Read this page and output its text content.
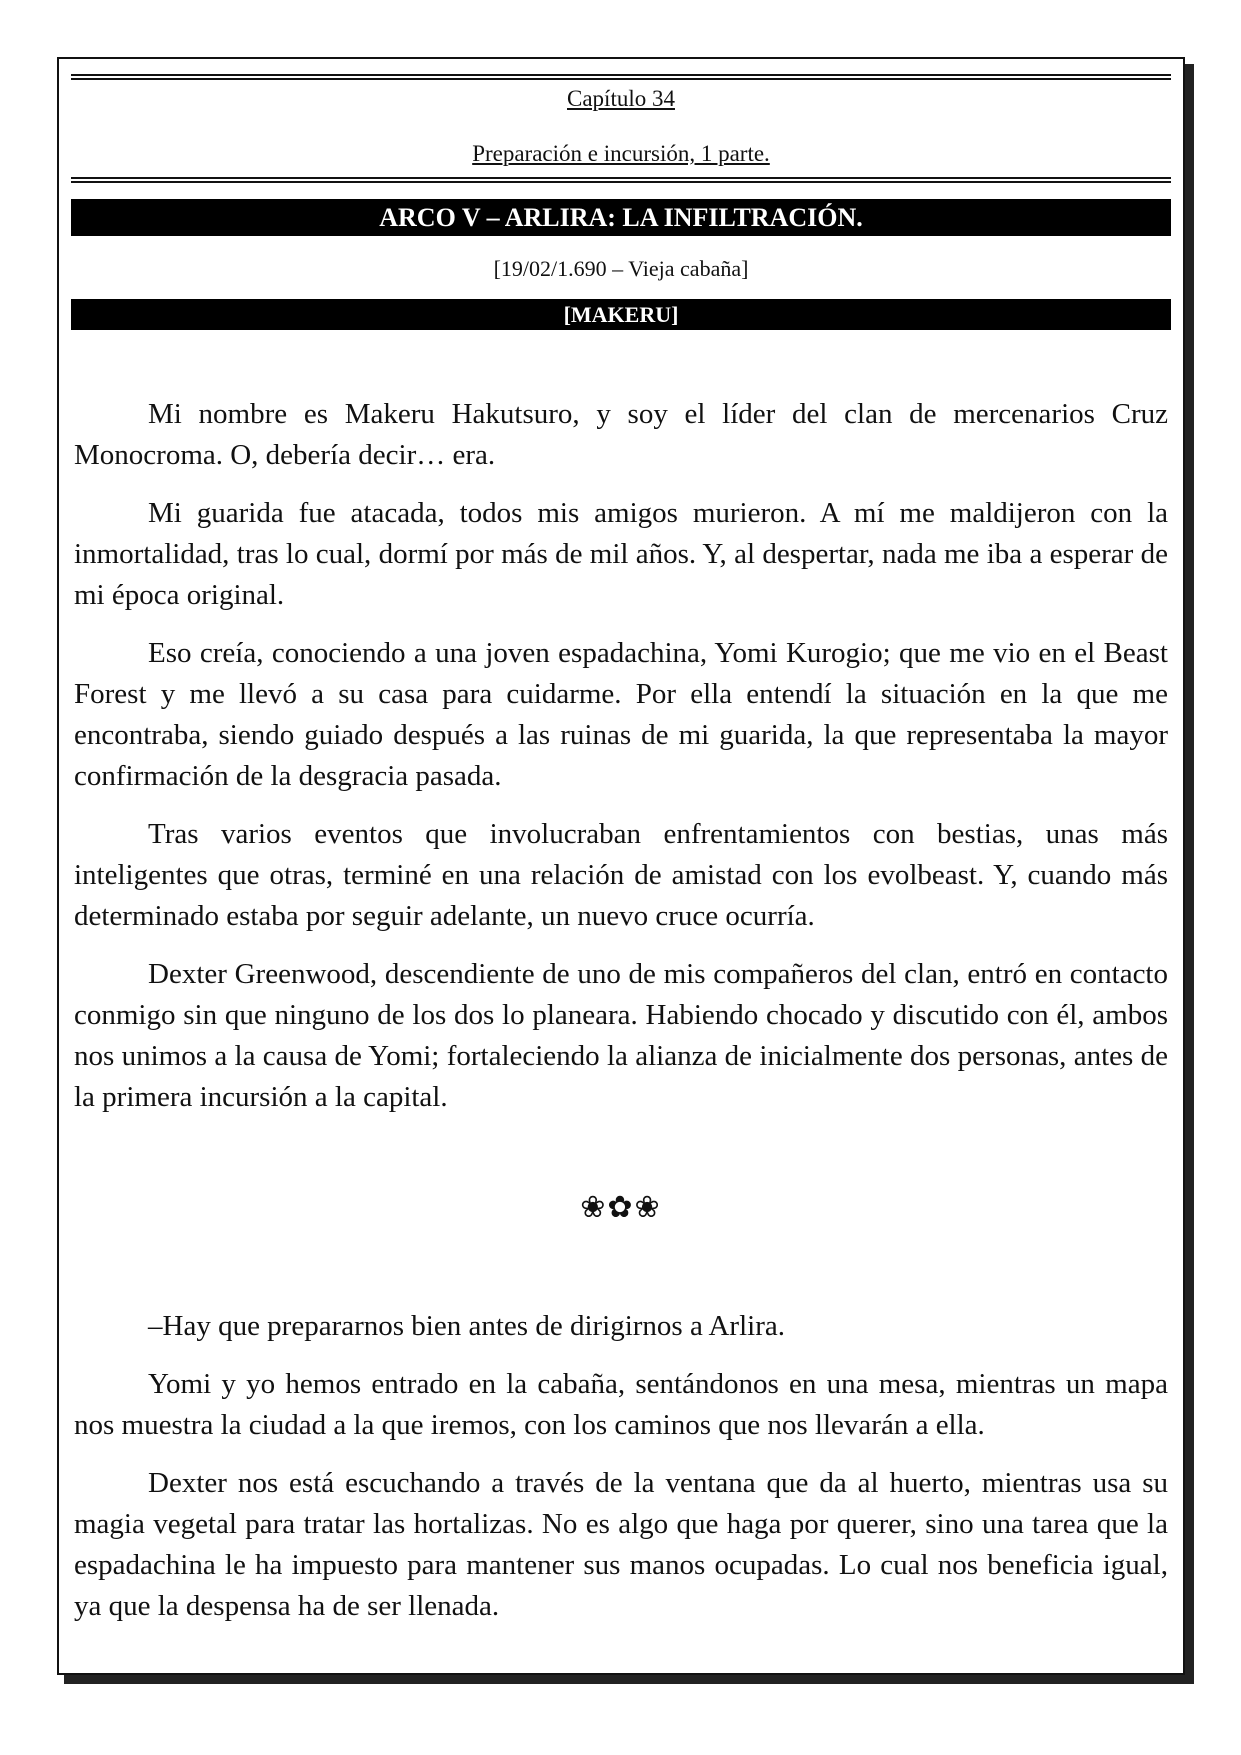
Capítulo 34
Preparación e incursión, 1 parte.
ARCO V – ARLIRA: LA INFILTRACIÓN.
[19/02/1.690 – Vieja cabaña]
[MAKERU]

Mi nombre es Makeru Hakutsuro, y soy el líder del clan de mercenarios Cruz Monocroma. O, debería decir… era.

Mi guarida fue atacada, todos mis amigos murieron. A mí me maldijeron con la inmortalidad, tras lo cual, dormí por más de mil años. Y, al despertar, nada me iba a esperar de mi época original.

Eso creía, conociendo a una joven espadachina, Yomi Kurogio; que me vio en el Beast Forest y me llevó a su casa para cuidarme. Por ella entendí la situación en la que me encontraba, siendo guiado después a las ruinas de mi guarida, la que representaba la mayor confirmación de la desgracia pasada.

Tras varios eventos que involucraban enfrentamientos con bestias, unas más inteligentes que otras, terminé en una relación de amistad con los evolbeast. Y, cuando más determinado estaba por seguir adelante, un nuevo cruce ocurría.

Dexter Greenwood, descendiente de uno de mis compañeros del clan, entró en contacto conmigo sin que ninguno de los dos lo planeara. Habiendo chocado y discutido con él, ambos nos unimos a la causa de Yomi; fortaleciendo la alianza de inicialmente dos personas, antes de la primera incursión a la capital.

❀✿❀

–Hay que prepararnos bien antes de dirigirnos a Arlira.

Yomi y yo hemos entrado en la cabaña, sentándonos en una mesa, mientras un mapa nos muestra la ciudad a la que iremos, con los caminos que nos llevarán a ella.

Dexter nos está escuchando a través de la ventana que da al huerto, mientras usa su magia vegetal para tratar las hortalizas. No es algo que haga por querer, sino una tarea que la espadachina le ha impuesto para mantener sus manos ocupadas. Lo cual nos beneficia igual, ya que la despensa ha de ser llenada.
